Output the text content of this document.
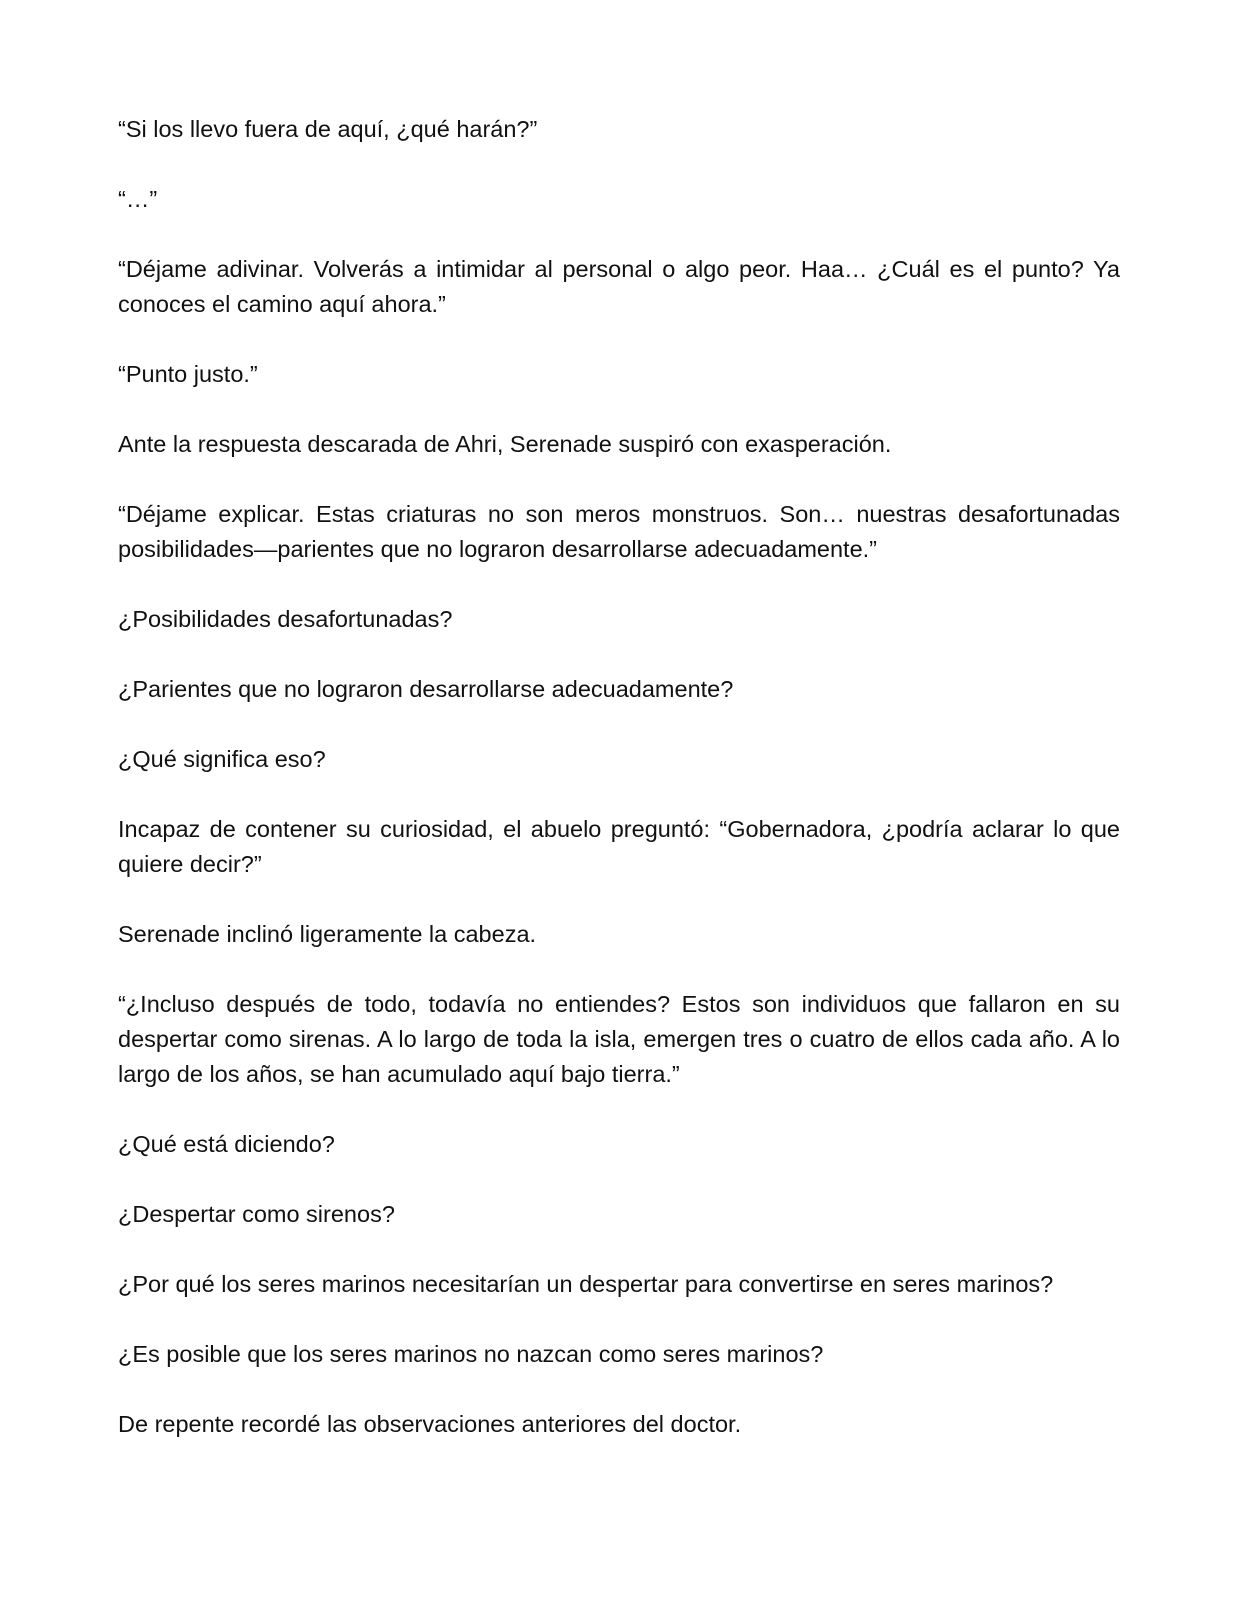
“Si los llevo fuera de aquí, ¿qué harán?”

“…”

“Déjame adivinar. Volverás a intimidar al personal o algo peor. Haa… ¿Cuál es el punto? Ya conoces el camino aquí ahora.”

“Punto justo.”

Ante la respuesta descarada de Ahri, Serenade suspiró con exasperación.

“Déjame explicar. Estas criaturas no son meros monstruos. Son… nuestras desafortunadas posibilidades—parientes que no lograron desarrollarse adecuadamente.”

¿Posibilidades desafortunadas?

¿Parientes que no lograron desarrollarse adecuadamente?

¿Qué significa eso?

Incapaz de contener su curiosidad, el abuelo preguntó: “Gobernadora, ¿podría aclarar lo que quiere decir?”

Serenade inclinó ligeramente la cabeza.

“¿Incluso después de todo, todavía no entiendes? Estos son individuos que fallaron en su despertar como sirenas. A lo largo de toda la isla, emergen tres o cuatro de ellos cada año. A lo largo de los años, se han acumulado aquí bajo tierra.”

¿Qué está diciendo?

¿Despertar como sirenos?

¿Por qué los seres marinos necesitarían un despertar para convertirse en seres marinos?

¿Es posible que los seres marinos no nazcan como seres marinos?

De repente recordé las observaciones anteriores del doctor.
